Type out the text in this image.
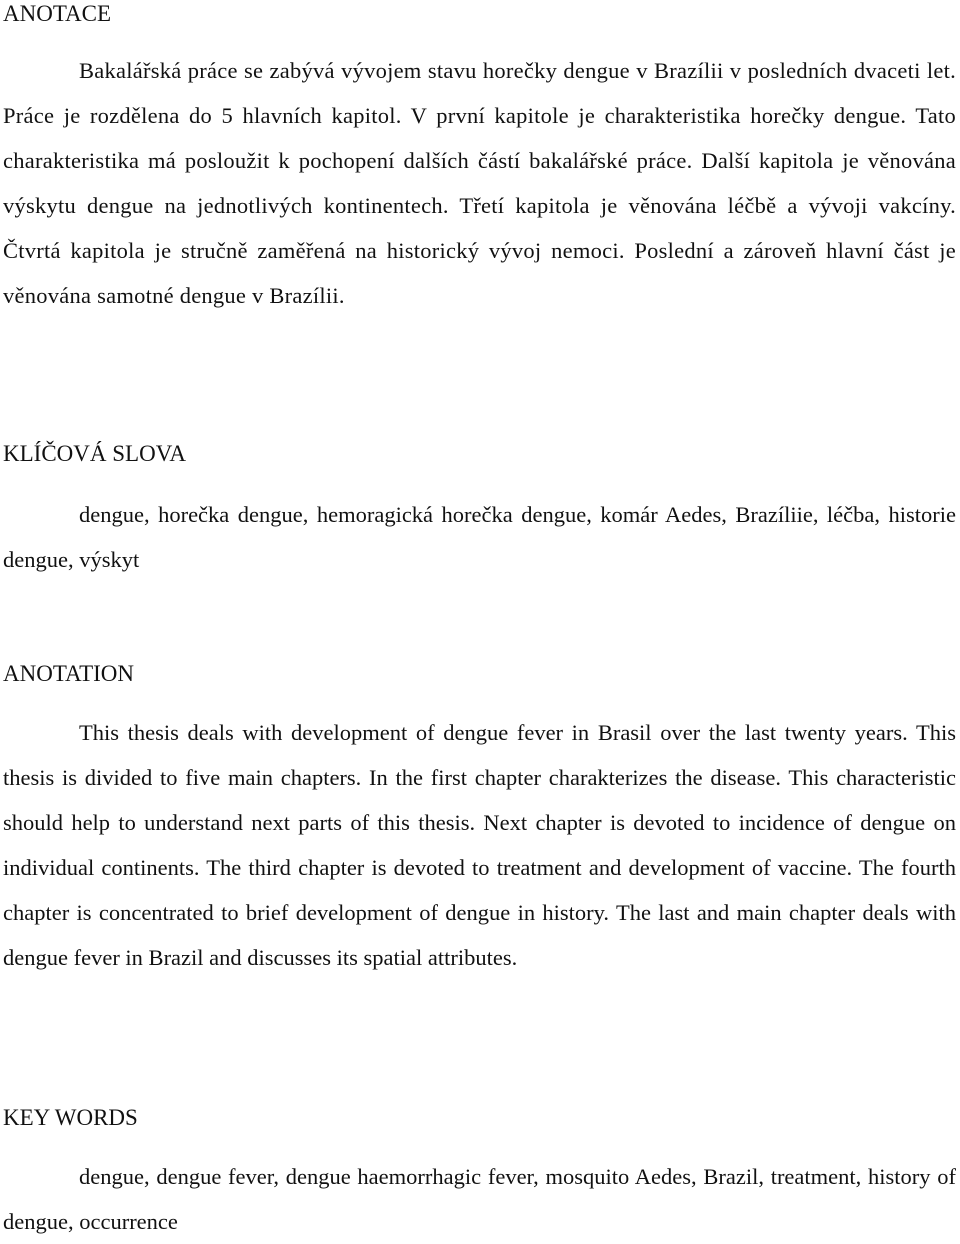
ANOTACE

Bakalářská práce se zabývá vývojem stavu horečky dengue v Brazílii v posledních dvaceti let. Práce je rozdělena do 5 hlavních kapitol. V první kapitole je charakteristika horečky dengue. Tato charakteristika má posloužit k pochopení dalších částí bakalářské práce. Další kapitola je věnována výskytu dengue na jednotlivých kontinentech. Třetí kapitola je věnována léčbě a vývoji vakcíny. Čtvrtá kapitola je stručně zaměřená na historický vývoj nemoci. Poslední a zároveň hlavní část je věnována samotné dengue v Brazílii.

KLÍČOVÁ SLOVA

dengue, horečka dengue, hemoragická horečka dengue, komár Aedes, Brazíliie, léčba, historie dengue, výskyt

ANOTATION

This thesis deals with development of dengue fever in Brasil over the last twenty years. This thesis is divided to five main chapters. In the first chapter charakterizes the disease. This characteristic should help to understand next parts of this thesis. Next chapter is devoted to incidence of dengue on individual continents. The third chapter is devoted to treatment and development of vaccine. The fourth chapter is concentrated to brief development of dengue in history. The last and main chapter deals with dengue fever in Brazil and discusses its spatial attributes.

KEY WORDS

dengue, dengue fever, dengue haemorrhagic fever, mosquito Aedes, Brazil, treatment, history of dengue, occurrence
